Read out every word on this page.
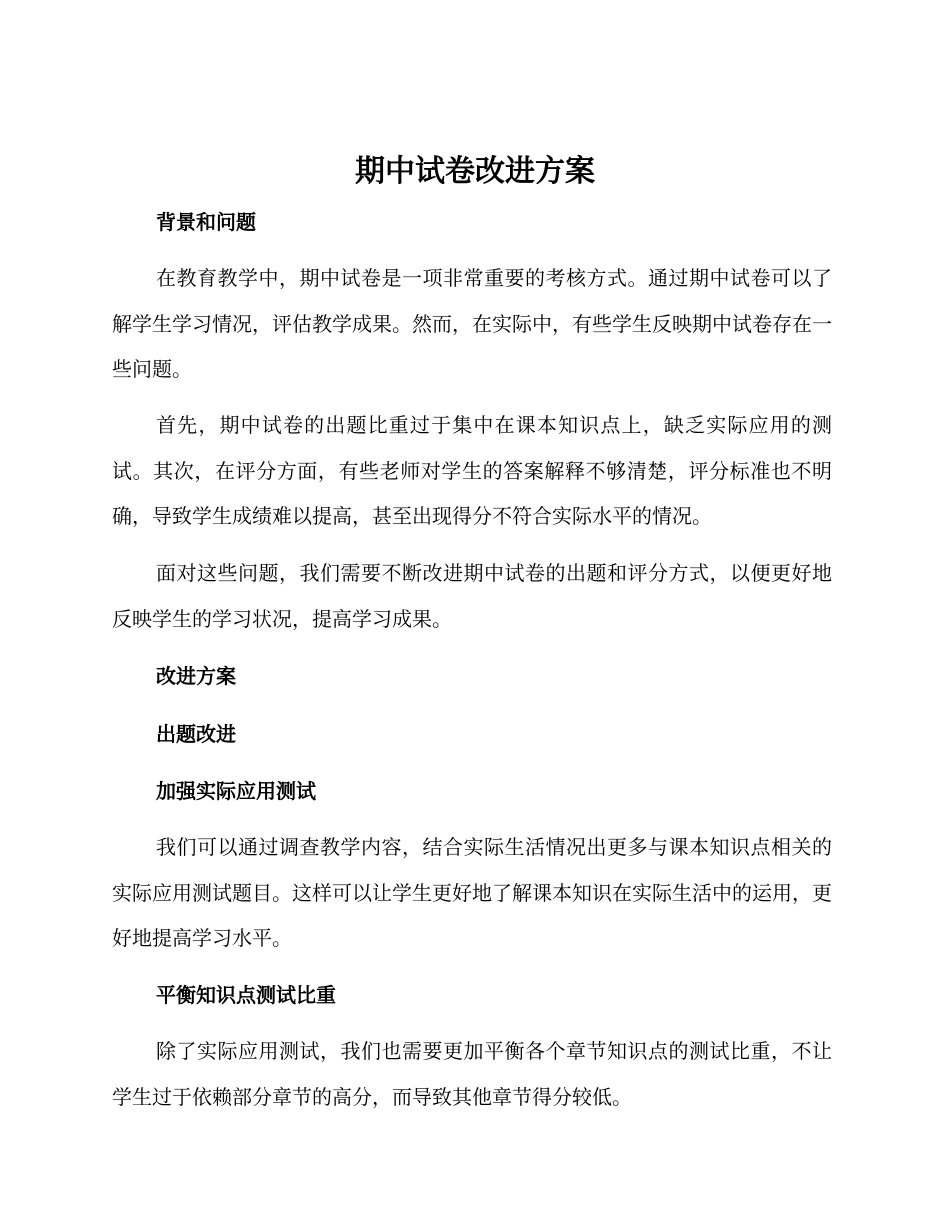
期中试卷改进方案
背景和问题

在教育教学中，期中试卷是一项非常重要的考核方式。通过期中试卷可以了解学生学习情况，评估教学成果。然而，在实际中，有些学生反映期中试卷存在一些问题。

首先，期中试卷的出题比重过于集中在课本知识点上，缺乏实际应用的测试。其次，在评分方面，有些老师对学生的答案解释不够清楚，评分标准也不明确，导致学生成绩难以提高，甚至出现得分不符合实际水平的情况。

面对这些问题，我们需要不断改进期中试卷的出题和评分方式，以便更好地反映学生的学习状况，提高学习成果。

改进方案
出题改进
加强实际应用测试

我们可以通过调查教学内容，结合实际生活情况出更多与课本知识点相关的实际应用测试题目。这样可以让学生更好地了解课本知识在实际生活中的运用，更好地提高学习水平。

平衡知识点测试比重

除了实际应用测试，我们也需要更加平衡各个章节知识点的测试比重，不让学生过于依赖部分章节的高分，而导致其他章节得分较低。
